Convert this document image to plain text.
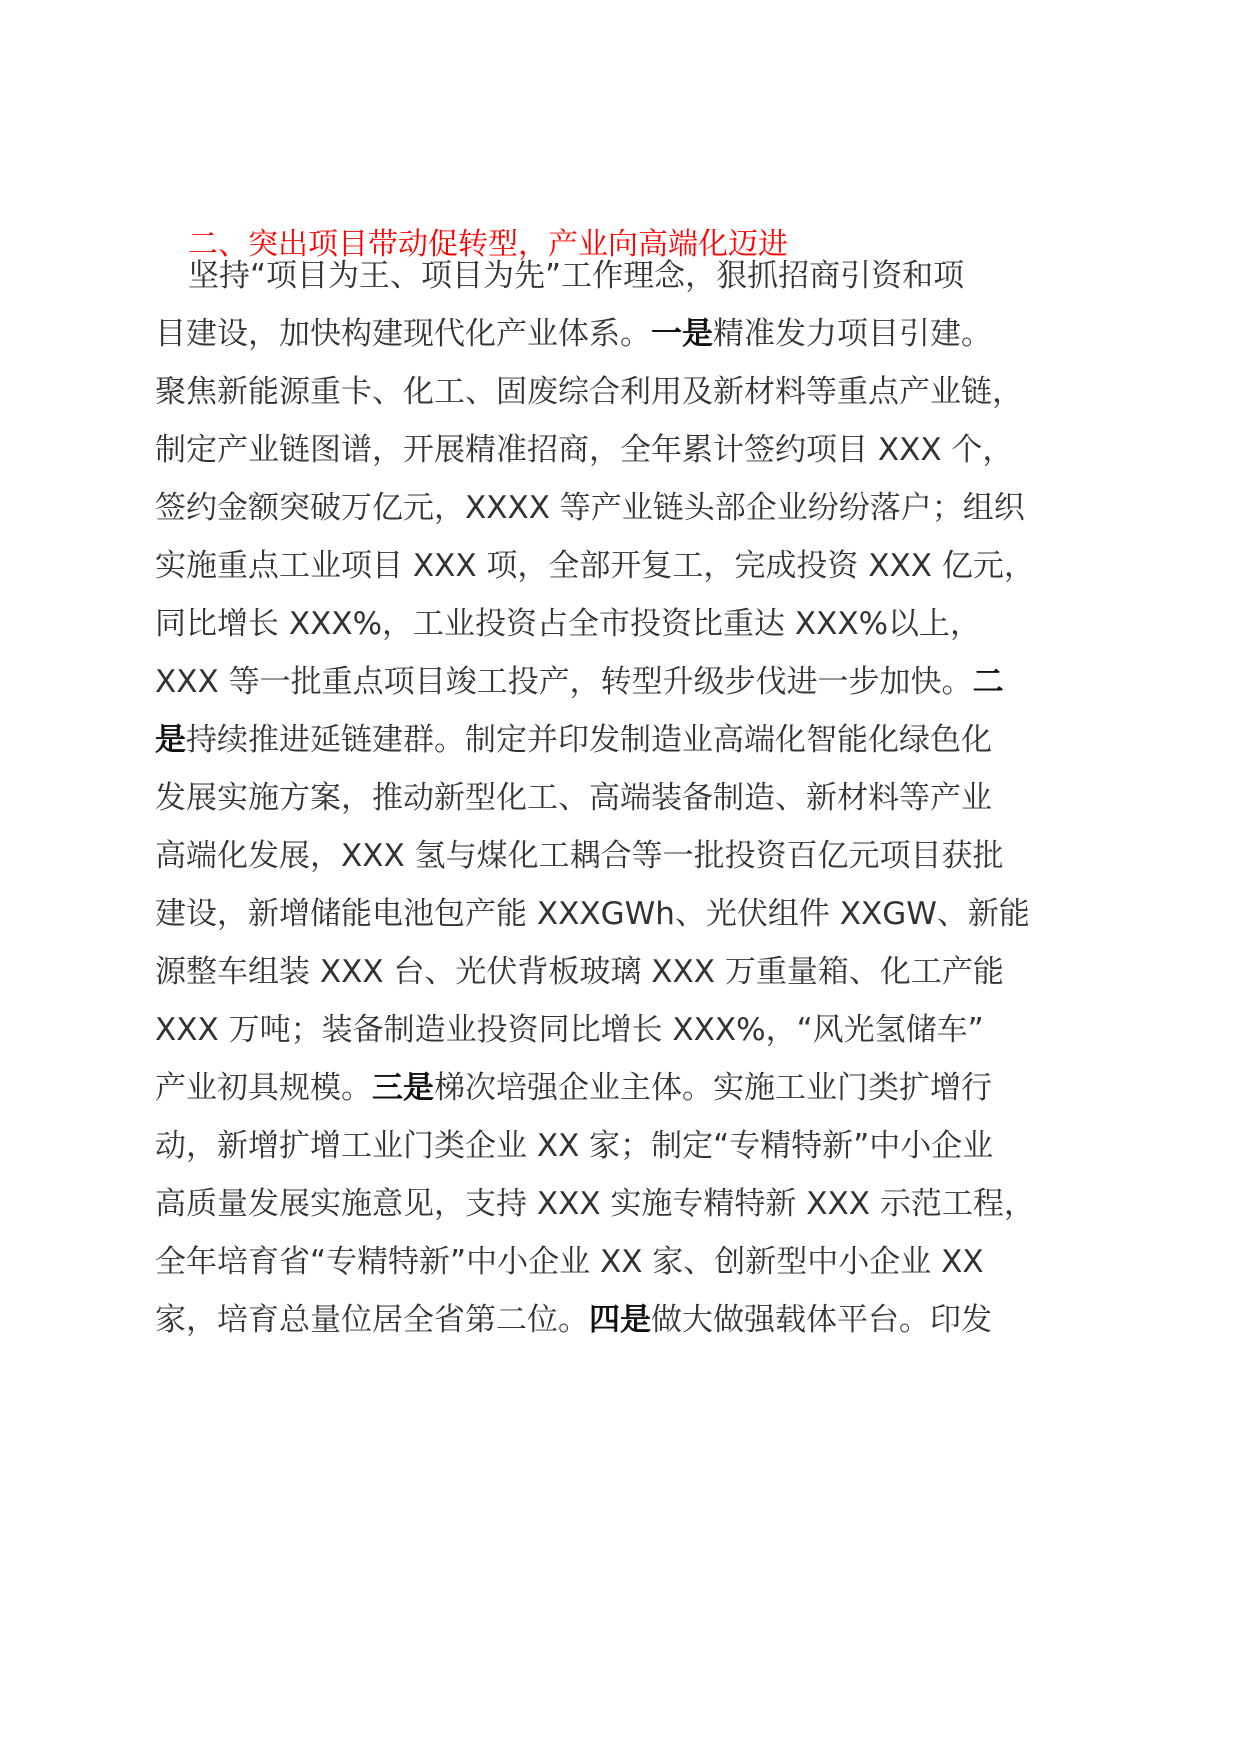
二、突出项目带动促转型，产业向高端化迈进

坚持“项目为王、项目为先”工作理念，狠抓招商引资和项

目建设，加快构建现代化产业体系。一是精准发力项目引建。

聚焦新能源重卡、化工、固废综合利用及新材料等重点产业链，

制定产业链图谱，开展精准招商，全年累计签约项目 XXX 个，

签约金额突破万亿元，XXXX 等产业链头部企业纷纷落户；组织

实施重点工业项目 XXX 项，全部开复工，完成投资 XXX 亿元，

同比增长 XXX%，工业投资占全市投资比重达 XXX%以上，

XXX 等一批重点项目竣工投产，转型升级步伐进一步加快。二

是持续推进延链建群。制定并印发制造业高端化智能化绿色化

发展实施方案，推动新型化工、高端装备制造、新材料等产业

高端化发展，XXX 氢与煤化工耦合等一批投资百亿元项目获批

建设，新增储能电池包产能 XXXGWh、光伏组件 XXGW、新能

源整车组装 XXX 台、光伏背板玻璃 XXX 万重量箱、化工产能

XXX 万吨；装备制造业投资同比增长 XXX%，“风光氢储车”

产业初具规模。三是梯次培强企业主体。实施工业门类扩增行

动，新增扩增工业门类企业 XX 家；制定“专精特新”中小企业

高质量发展实施意见，支持 XXX 实施专精特新 XXX 示范工程，

全年培育省“专精特新”中小企业 XX 家、创新型中小企业 XX

家，培育总量位居全省第二位。四是做大做强载体平台。印发
